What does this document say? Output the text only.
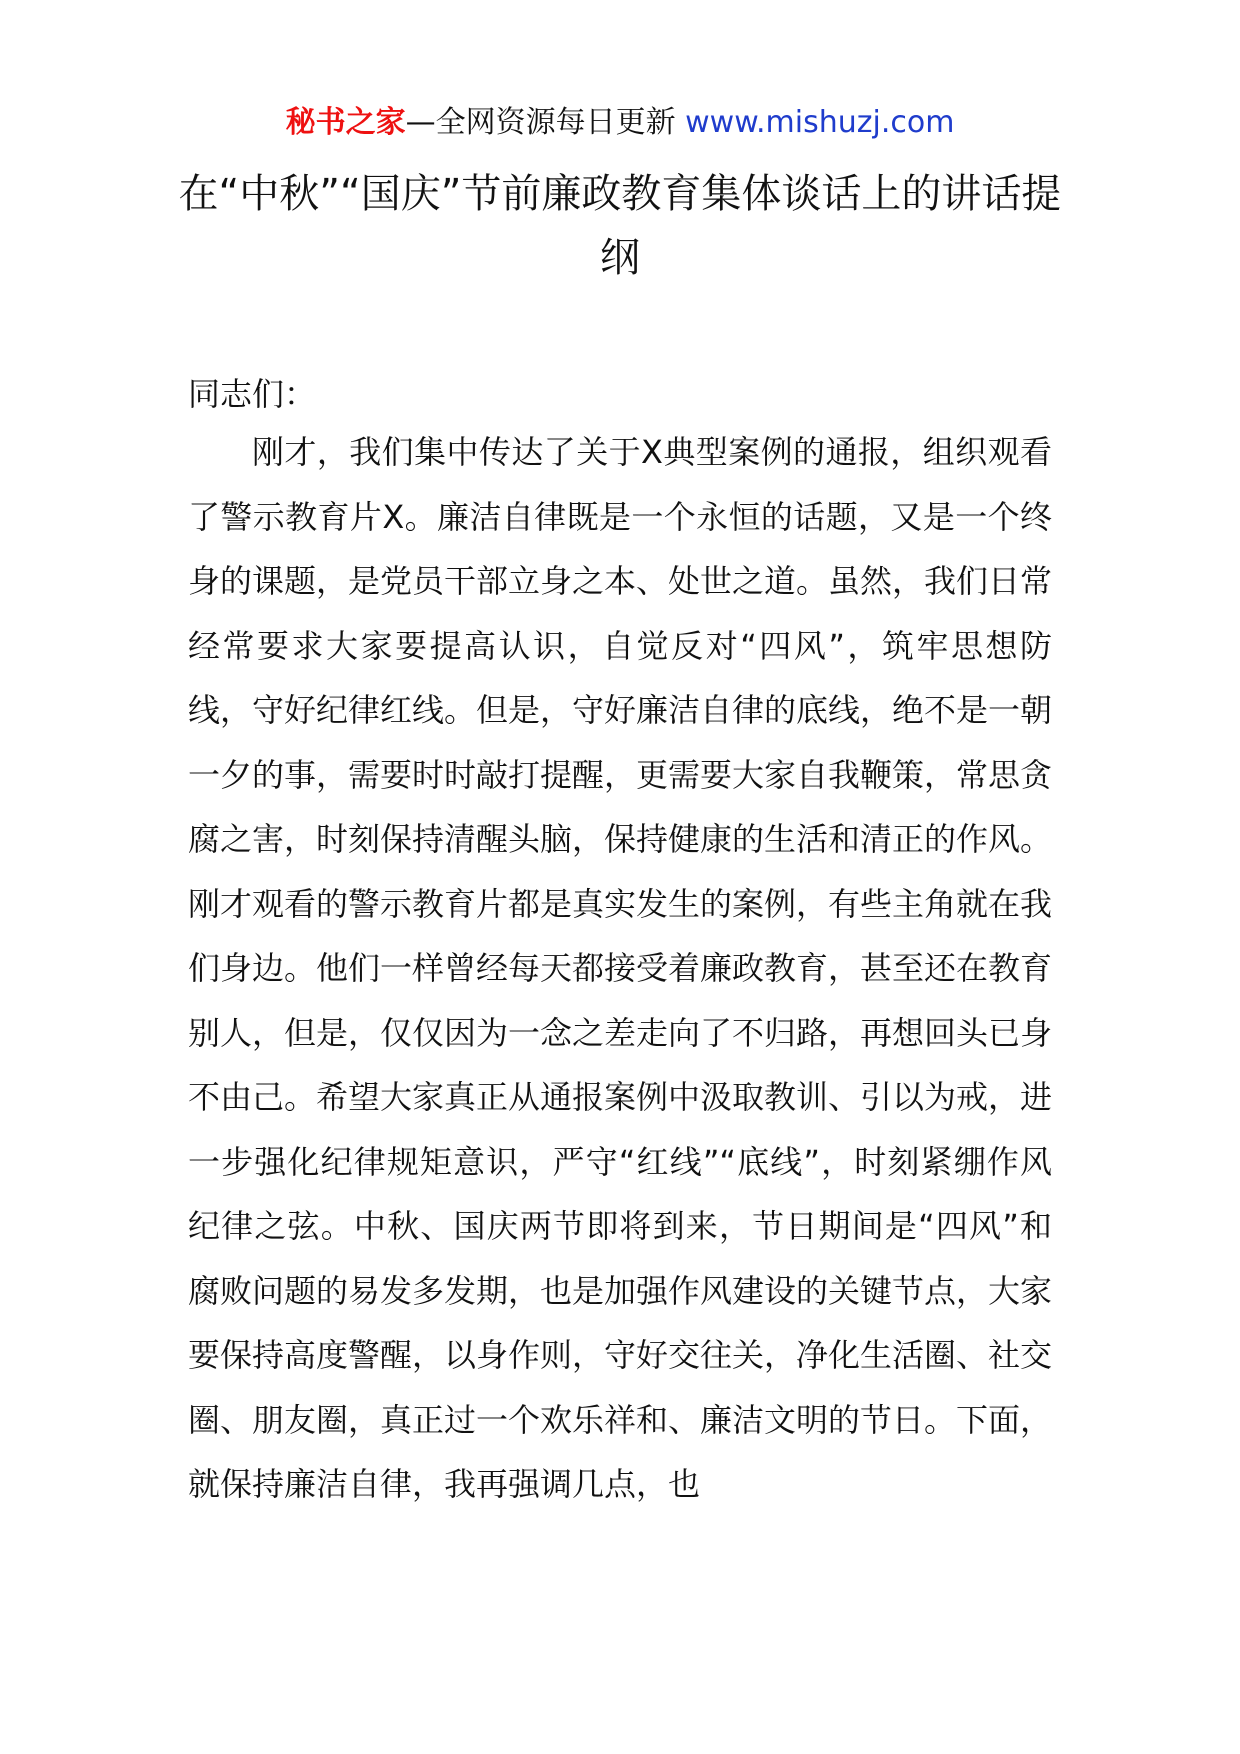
秘书之家—全网资源每日更新 www.mishuzj.com
在“中秋”“国庆”节前廉政教育集体谈话上的讲话提纲

同志们：

刚才，我们集中传达了关于X典型案例的通报，组织观看了警示教育片X。廉洁自律既是一个永恒的话题，又是一个终身的课题，是党员干部立身之本、处世之道。虽然，我们日常经常要求大家要提高认识，自觉反对“四风”，筑牢思想防线，守好纪律红线。但是，守好廉洁自律的底线，绝不是一朝一夕的事，需要时时敲打提醒，更需要大家自我鞭策，常思贪腐之害，时刻保持清醒头脑，保持健康的生活和清正的作风。刚才观看的警示教育片都是真实发生的案例，有些主角就在我们身边。他们一样曾经每天都接受着廉政教育，甚至还在教育别人，但是，仅仅因为一念之差走向了不归路，再想回头已身不由己。希望大家真正从通报案例中汲取教训、引以为戒，进一步强化纪律规矩意识，严守“红线”“底线”，时刻紧绷作风纪律之弦。中秋、国庆两节即将到来，节日期间是“四风”和腐败问题的易发多发期，也是加强作风建设的关键节点，大家要保持高度警醒，以身作则，守好交往关，净化生活圈、社交圈、朋友圈，真正过一个欢乐祥和、廉洁文明的节日。下面，就保持廉洁自律，我再强调几点，也
